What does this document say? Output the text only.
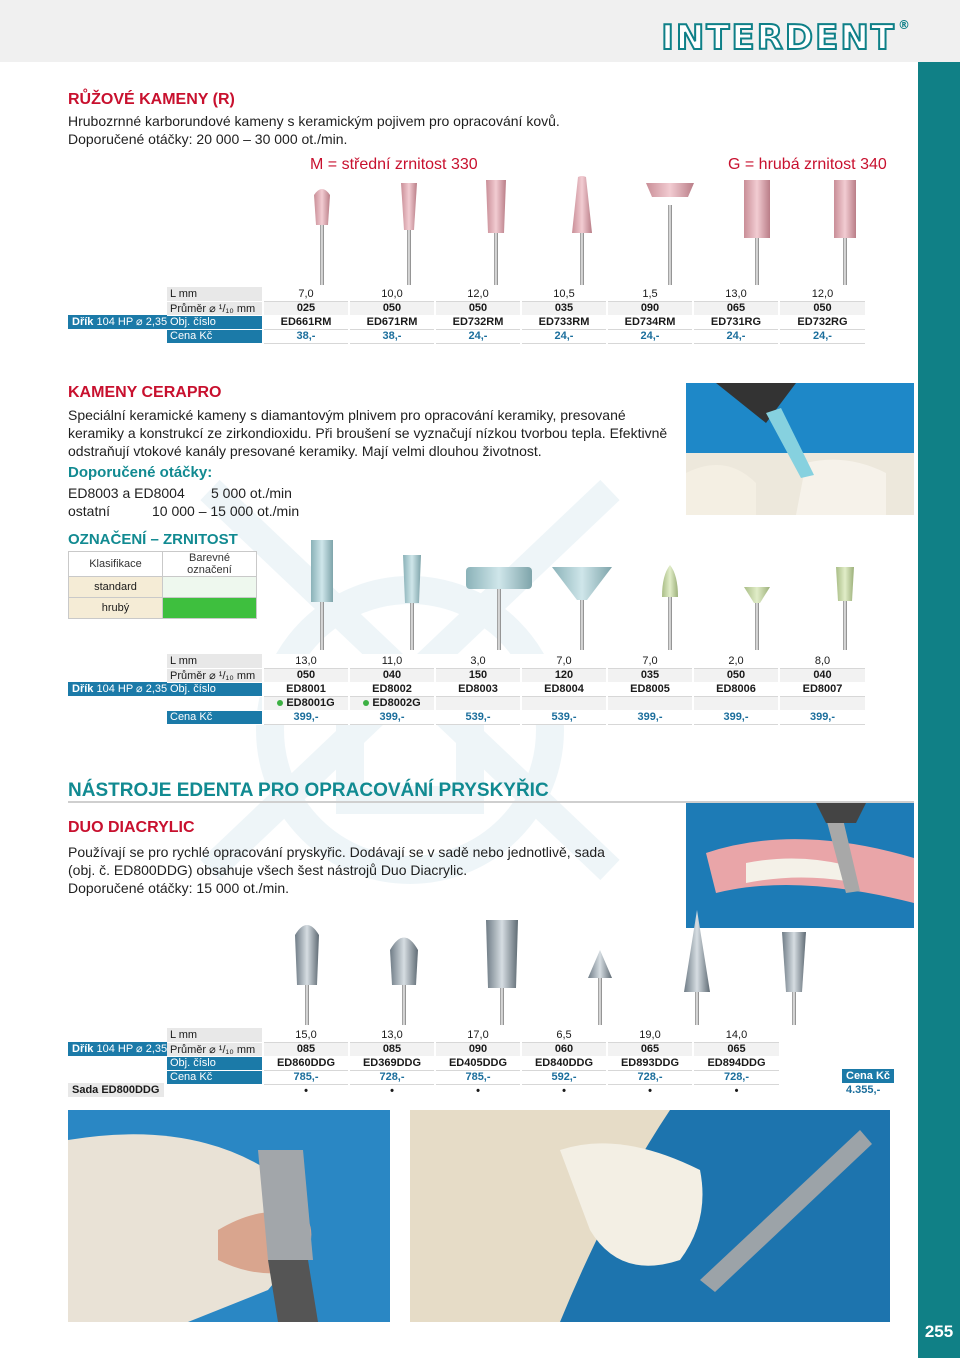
INTERDENT ®
RŮŽOVÉ KAMENY (R)
Hrubozrnné karborundové kameny s keramickým pojivem pro opracování kovů.
Doporučené otáčky: 20 000 – 30 000 ot./min.
M = střední zrnitost 330	G = hrubá zrnitost 340
Dřík 104 HP ⌀ 2,35
L mm	7,0	10,0	12,0	10,5	1,5	13,0	12,0
Průměr ⌀ ¹/₁₀ mm	025	050	050	035	090	065	050
Obj. číslo	ED661RM	ED671RM	ED732RM	ED733RM	ED734RM	ED731RG	ED732RG
Cena Kč	38,-	38,-	24,-	24,-	24,-	24,-	24,-
KAMENY CERAPRO
Speciální keramické kameny s diamantovým plnivem pro opracování keramiky, presované
keramiky a konstrukcí ze zirkondioxidu. Při broušení se vyznačují nízkou tvorbou tepla. Efektivně
odstraňují vtokové kanály presované keramiky. Mají velmi dlouhou životnost.
Doporučené otáčky:
ED8003 a ED8004 5 000 ot./min
ostatní	10 000 – 15 000 ot./min
OZNAČENÍ – ZRNITOST
Klasifikace	Barevné označení
standard	
hrubý	
Dřík 104 HP ⌀ 2,35
L mm	13,0	11,0	3,0	7,0	7,0	2,0	8,0
Průměr ⌀ ¹/₁₀ mm	050	040	150	120	035	050	040
Obj. číslo	ED8001	ED8002	ED8003	ED8004	ED8005	ED8006	ED8007
	ED8001G	ED8002G					
Cena Kč	399,-	399,-	539,-	539,-	399,-	399,-	399,-
NÁSTROJE EDENTA PRO OPRACOVÁNÍ PRYSKYŘIC
DUO DIACRYLIC
Používají se pro rychlé opracování pryskyřic. Dodávají se v sadě nebo jednotlivě, sada
(obj. č. ED800DDG) obsahuje všech šest nástrojů Duo Diacrylic.
Doporučené otáčky: 15 000 ot./min.
Dřík 104 HP ⌀ 2,35
Sada ED800DDG
L mm	15,0	13,0	17,0	6,5	19,0	14,0
Průměr ⌀ ¹/₁₀ mm	085	085	090	060	065	065
Obj. číslo	ED860DDG	ED369DDG	ED405DDG	ED840DDG	ED893DDG	ED894DDG
Cena Kč	785,-	728,-	785,-	592,-	728,-	728,-
	•	•	•	•	•	•
Cena Kč
4.355,-
255
